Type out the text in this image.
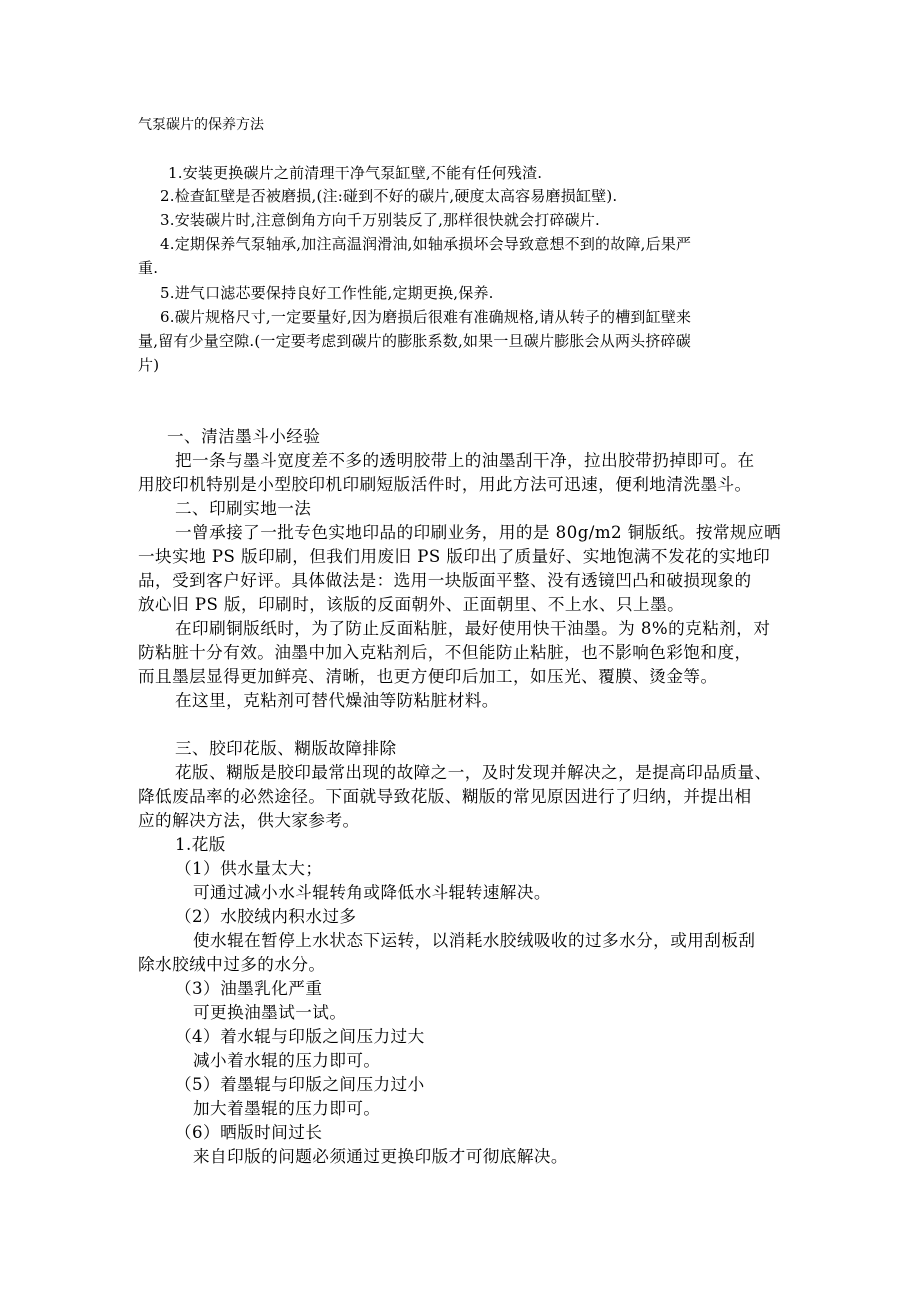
气泵碳片的保养方法
1.安装更换碳片之前清理干净气泵缸壁,不能有任何残渣.
2.检查缸壁是否被磨损,(注:碰到不好的碳片,硬度太高容易磨损缸壁).
3.安装碳片时,注意倒角方向千万别装反了,那样很快就会打碎碳片.
4.定期保养气泵轴承,加注高温润滑油,如轴承损坏会导致意想不到的故障,后果严
重.
5.进气口滤芯要保持良好工作性能,定期更换,保养.
6.碳片规格尺寸,一定要量好,因为磨损后很难有准确规格,请从转子的槽到缸壁来
量,留有少量空隙.(一定要考虑到碳片的膨胀系数,如果一旦碳片膨胀会从两头挤碎碳
片)
一、清洁墨斗小经验
把一条与墨斗宽度差不多的透明胶带上的油墨刮干净，拉出胶带扔掉即可。在
用胶印机特别是小型胶印机印刷短版活件时，用此方法可迅速，便利地清洗墨斗。
二、印刷实地一法
一曾承接了一批专色实地印品的印刷业务，用的是 80g/m2 铜版纸。按常规应晒
一块实地 PS 版印刷，但我们用废旧 PS 版印出了质量好、实地饱满不发花的实地印
品，受到客户好评。具体做法是：选用一块版面平整、没有透镜凹凸和破损现象的
放心旧 PS 版，印刷时，该版的反面朝外、正面朝里、不上水、只上墨。
在印刷铜版纸时，为了防止反面粘脏，最好使用快干油墨。为 8%的克粘剂，对
防粘脏十分有效。油墨中加入克粘剂后，不但能防止粘脏，也不影响色彩饱和度，
而且墨层显得更加鲜亮、清晰，也更方便印后加工，如压光、覆膜、烫金等。
在这里，克粘剂可替代燥油等防粘脏材料。
三、胶印花版、糊版故障排除
花版、糊版是胶印最常出现的故障之一，及时发现并解决之，是提高印品质量、
降低废品率的必然途径。下面就导致花版、糊版的常见原因进行了归纳，并提出相
应的解决方法，供大家参考。
1.花版
（1）供水量太大；
可通过减小水斗辊转角或降低水斗辊转速解决。
（2）水胶绒内积水过多
使水辊在暂停上水状态下运转，以消耗水胶绒吸收的过多水分，或用刮板刮
除水胶绒中过多的水分。
（3）油墨乳化严重
可更换油墨试一试。
（4）着水辊与印版之间压力过大
减小着水辊的压力即可。
（5）着墨辊与印版之间压力过小
加大着墨辊的压力即可。
（6）晒版时间过长
来自印版的问题必须通过更换印版才可彻底解决。
